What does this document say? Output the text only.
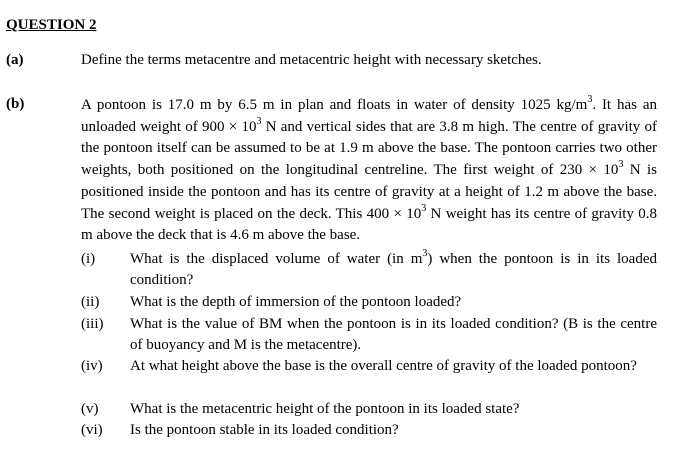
QUESTION 2
(a)	Define the terms metacentre and metacentric height with necessary sketches.
(b)	A pontoon is 17.0 m by 6.5 m in plan and floats in water of density 1025 $kg/m^3$. It has an unloaded weight of $900 \times 10^3$ N and vertical sides that are 3.8 m high. The centre of gravity of the pontoon itself can be assumed to be at 1.9 m above the base. The pontoon carries two other weights, both positioned on the longitudinal centreline. The first weight of $230 \times 10^3$ N is positioned inside the pontoon and has its centre of gravity at a height of 1.2 m above the base. The second weight is placed on the deck. This $400 \times 10^3$ N weight has its centre of gravity 0.8 m above the deck that is 4.6 m above the base.
(i) What is the displaced volume of water (in $m^3$) when the pontoon is in its loaded condition?
(ii) What is the depth of immersion of the pontoon loaded?
(iii) What is the value of BM when the pontoon is in its loaded condition? (B is the centre of buoyancy and M is the metacentre).
(iv) At what height above the base is the overall centre of gravity of the loaded pontoon?
(v) What is the metacentric height of the pontoon in its loaded state?
(vi) Is the pontoon stable in its loaded condition?
